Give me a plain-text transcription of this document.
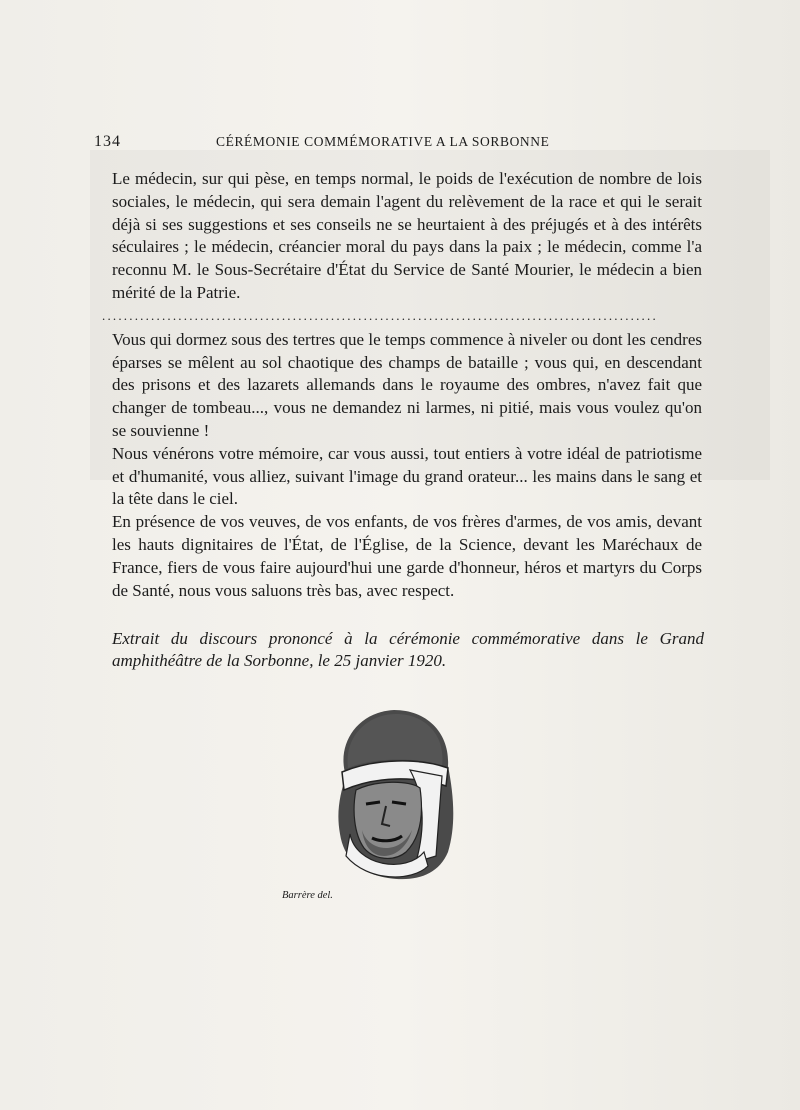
134	CÉRÉMONIE COMMÉMORATIVE A LA SORBONNE

Le médecin, sur qui pèse, en temps normal, le poids de l'exécution de nombre de lois sociales, le médecin, qui sera demain l'agent du relèvement de la race et qui le serait déjà si ses suggestions et ses conseils ne se heurtaient à des préjugés et à des intérêts séculaires ; le médecin, créancier moral du pays dans la paix ; le médecin, comme l'a reconnu M. le Sous-Secrétaire d'État du Service de Santé Mourier, le médecin a bien mérité de la Patrie.

......................................................................................................

Vous qui dormez sous des tertres que le temps commence à niveler ou dont les cendres éparses se mêlent au sol chaotique des champs de bataille ; vous qui, en descendant des prisons et des lazarets allemands dans le royaume des ombres, n'avez fait que changer de tombeau..., vous ne demandez ni larmes, ni pitié, mais vous voulez qu'on se souvienne !

Nous vénérons votre mémoire, car vous aussi, tout entiers à votre idéal de patriotisme et d'humanité, vous alliez, suivant l'image du grand orateur... les mains dans le sang et la tête dans le ciel.

En présence de vos veuves, de vos enfants, de vos frères d'armes, de vos amis, devant les hauts dignitaires de l'État, de l'Église, de la Science, devant les Maréchaux de France, fiers de vous faire aujourd'hui une garde d'honneur, héros et martyrs du Corps de Santé, nous vous saluons très bas, avec respect.

Extrait du discours prononcé à la cérémonie commémorative dans le Grand amphithéâtre de la Sorbonne, le 25 janvier 1920.
Barrère del.
